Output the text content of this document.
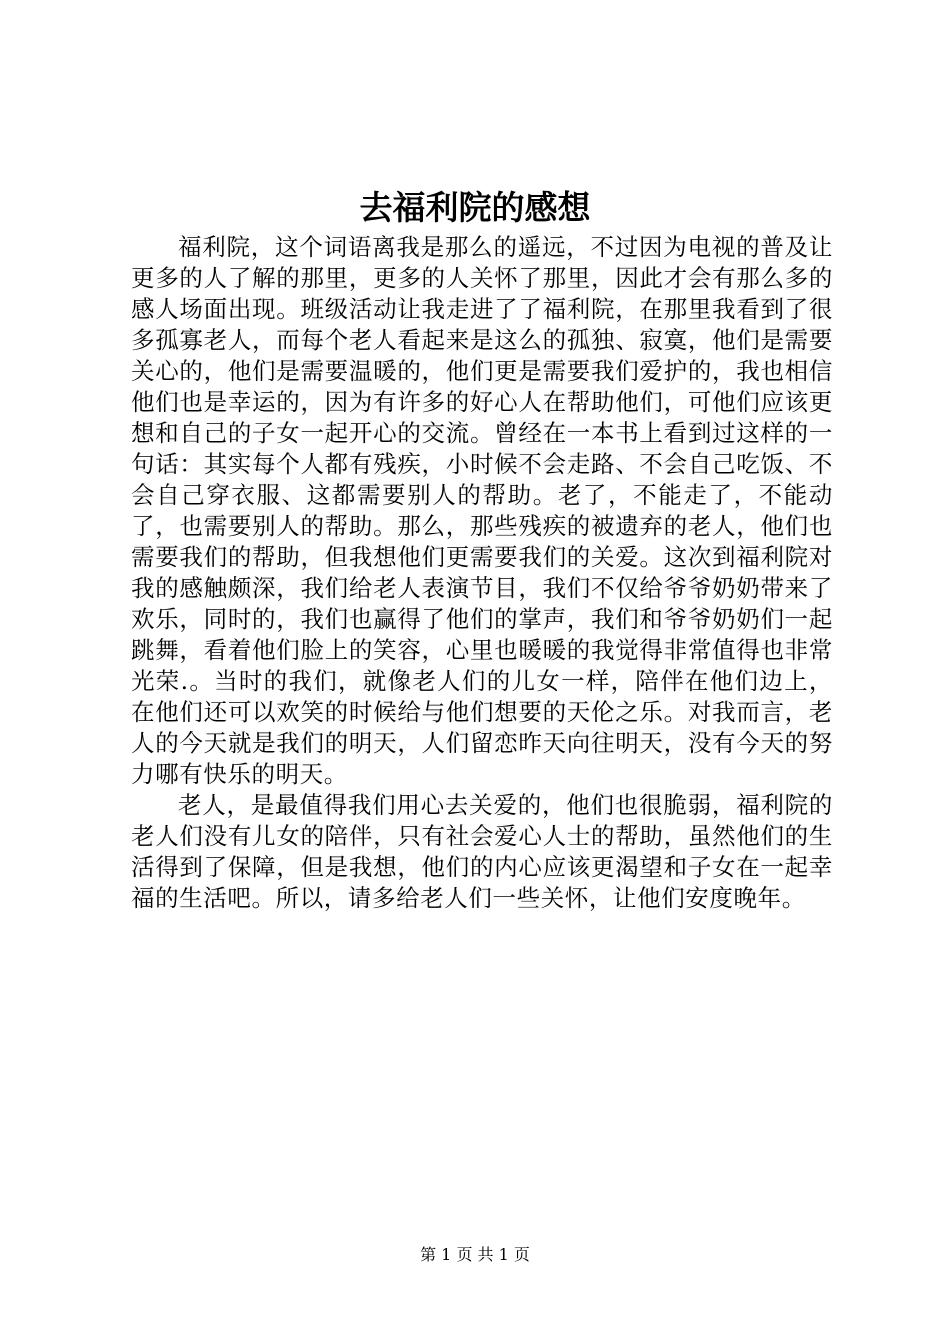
去福利院的感想

福利院，这个词语离我是那么的遥远，不过因为电视的普及让更多的人了解的那里，更多的人关怀了那里，因此才会有那么多的感人场面出现。班级活动让我走进了了福利院，在那里我看到了很多孤寡老人，而每个老人看起来是这么的孤独、寂寞，他们是需要关心的，他们是需要温暖的，他们更是需要我们爱护的，我也相信他们也是幸运的，因为有许多的好心人在帮助他们，可他们应该更想和自己的子女一起开心的交流。曾经在一本书上看到过这样的一句话：其实每个人都有残疾，小时候不会走路、不会自己吃饭、不会自己穿衣服、这都需要别人的帮助。老了，不能走了，不能动了，也需要别人的帮助。那么，那些残疾的被遗弃的老人，他们也需要我们的帮助，但我想他们更需要我们的关爱。这次到福利院对我的感触颇深，我们给老人表演节目，我们不仅给爷爷奶奶带来了欢乐，同时的，我们也赢得了他们的掌声，我们和爷爷奶奶们一起跳舞，看着他们脸上的笑容，心里也暖暖的我觉得非常值得也非常光荣.。当时的我们，就像老人们的儿女一样，陪伴在他们边上，在他们还可以欢笑的时候给与他们想要的天伦之乐。对我而言，老人的今天就是我们的明天，人们留恋昨天向往明天，没有今天的努力哪有快乐的明天。

老人，是最值得我们用心去关爱的，他们也很脆弱，福利院的老人们没有儿女的陪伴，只有社会爱心人士的帮助，虽然他们的生活得到了保障，但是我想，他们的内心应该更渴望和子女在一起幸福的生活吧。所以，请多给老人们一些关怀，让他们安度晚年。

第 1 页 共 1 页
